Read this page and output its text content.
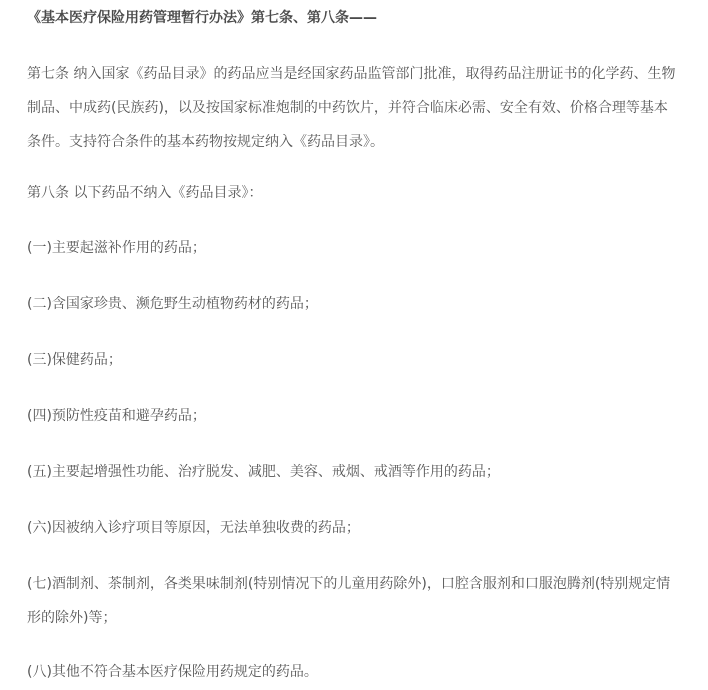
《基本医疗保险用药管理暂行办法》第七条、第八条——
第七条 纳入国家《药品目录》的药品应当是经国家药品监管部门批准，取得药品注册证书的化学药、生物制品、中成药(民族药)，以及按国家标准炮制的中药饮片，并符合临床必需、安全有效、价格合理等基本条件。支持符合条件的基本药物按规定纳入《药品目录》。
第八条 以下药品不纳入《药品目录》：
(一)主要起滋补作用的药品；
(二)含国家珍贵、濒危野生动植物药材的药品；
(三)保健药品；
(四)预防性疫苗和避孕药品；
(五)主要起增强性功能、治疗脱发、减肥、美容、戒烟、戒酒等作用的药品；
(六)因被纳入诊疗项目等原因，无法单独收费的药品；
(七)酒制剂、茶制剂，各类果味制剂(特别情况下的儿童用药除外)，口腔含服剂和口服泡腾剂(特别规定情形的除外)等；
(八)其他不符合基本医疗保险用药规定的药品。
